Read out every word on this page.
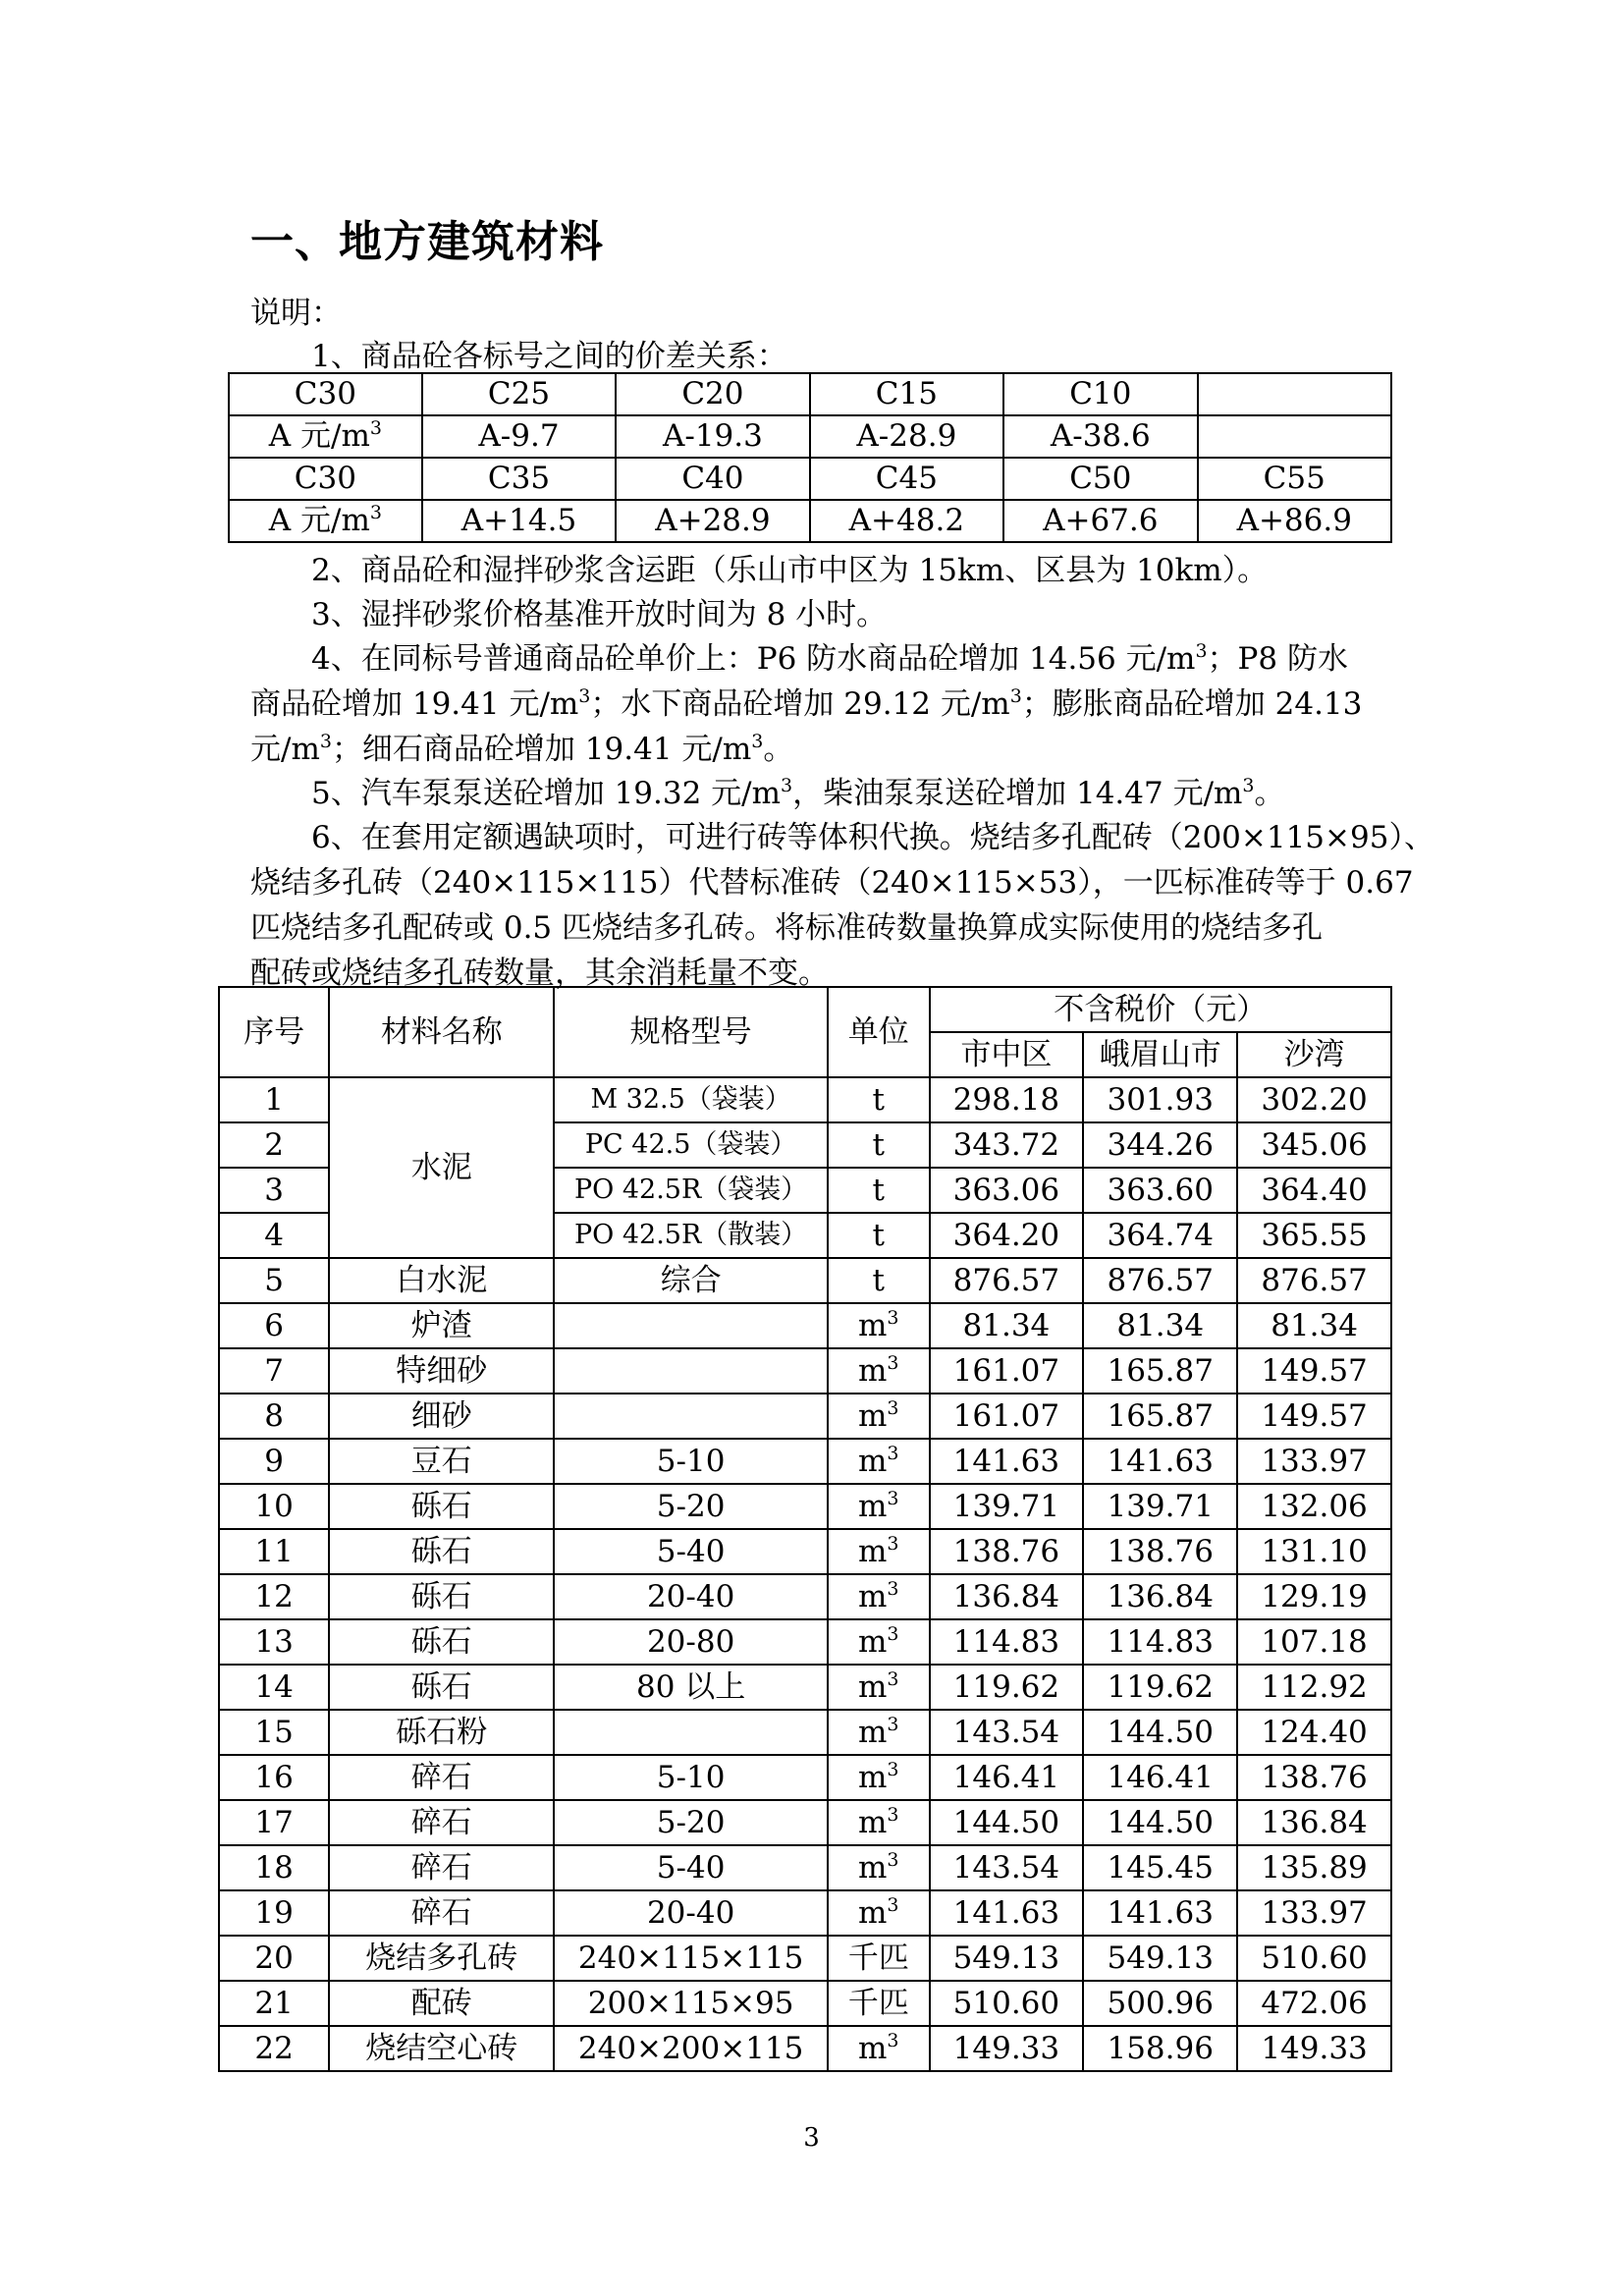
一、地方建筑材料

说明：

1、商品砼各标号之间的价差关系：

C30	C25	C20	C15	C10	
A 元$/m^3$	A-9.7	A-19.3	A-28.9	A-38.6	
C30	C35	C40	C45	C50	C55
A 元$/m^3$	A+14.5	A+28.9	A+48.2	A+67.6	A+86.9

2、商品砼和湿拌砂浆含运距（乐山市中区为 15km、区县为 10km）。

3、湿拌砂浆价格基准开放时间为 8 小时。

4、在同标号普通商品砼单价上：P6 防水商品砼增加 14.56 元$/m^3$；P8 防水
商品砼增加 19.41 元$/m^3$；水下商品砼增加 29.12 元$/m^3$；膨胀商品砼增加 24.13
元$/m^3$；细石商品砼增加 19.41 元$/m^3$。

5、汽车泵泵送砼增加 19.32 元$/m^3$，柴油泵泵送砼增加 14.47 元$/m^3$。

6、在套用定额遇缺项时，可进行砖等体积代换。烧结多孔配砖（200×115×95）、
烧结多孔砖（240×115×115）代替标准砖（240×115×53），一匹标准砖等于 0.67
匹烧结多孔配砖或 0.5 匹烧结多孔砖。将标准砖数量换算成实际使用的烧结多孔
配砖或烧结多孔砖数量，其余消耗量不变。
序号	材料名称	规格型号	单位	不含税价（元）		
				市中区	峨眉山市	沙湾
1	水泥	M 32.5（袋装）	t	298.18	301.93	302.20
2		PC 42.5（袋装）	t	343.72	344.26	345.06
3		PO 42.5R（袋装）	t	363.06	363.60	364.40
4		PO 42.5R（散装）	t	364.20	364.74	365.55
5	白水泥	综合	t	876.57	876.57	876.57
6	炉渣		$m^3$	81.34	81.34	81.34
7	特细砂		$m^3$	161.07	165.87	149.57
8	细砂		$m^3$	161.07	165.87	149.57
9	豆石	5-10	$m^3$	141.63	141.63	133.97
10	砾石	5-20	$m^3$	139.71	139.71	132.06
11	砾石	5-40	$m^3$	138.76	138.76	131.10
12	砾石	20-40	$m^3$	136.84	136.84	129.19
13	砾石	20-80	$m^3$	114.83	114.83	107.18
14	砾石	80 以上	$m^3$	119.62	119.62	112.92
15	砾石粉		$m^3$	143.54	144.50	124.40
16	碎石	5-10	$m^3$	146.41	146.41	138.76
17	碎石	5-20	$m^3$	144.50	144.50	136.84
18	碎石	5-40	$m^3$	143.54	145.45	135.89
19	碎石	20-40	$m^3$	141.63	141.63	133.97
20	烧结多孔砖	240×115×115	千匹	549.13	549.13	510.60
21	配砖	200×115×95	千匹	510.60	500.96	472.06
22	烧结空心砖	240×200×115	$m^3$	149.33	158.96	149.33
3
